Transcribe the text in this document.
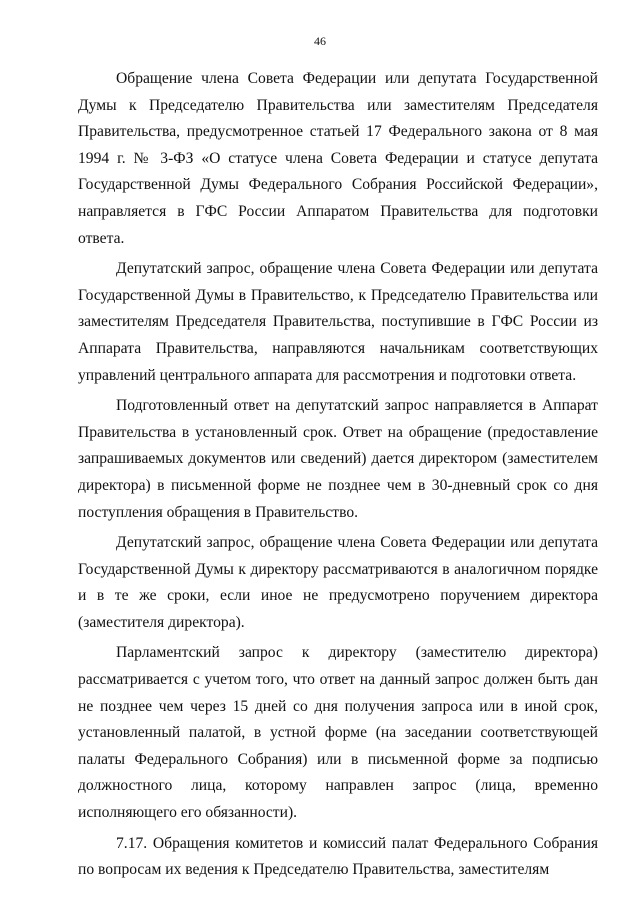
46

Обращение члена Совета Федерации или депутата Государственной Думы к Председателю Правительства или заместителям Председателя Правительства, предусмотренное статьей 17 Федерального закона от 8 мая 1994 г. № 3-ФЗ «О статусе члена Совета Федерации и статусе депутата Государственной Думы Федерального Собрания Российской Федерации», направляется в ГФС России Аппаратом Правительства для подготовки ответа.

Депутатский запрос, обращение члена Совета Федерации или депутата Государственной Думы в Правительство, к Председателю Правительства или заместителям Председателя Правительства, поступившие в ГФС России из Аппарата Правительства, направляются начальникам соответствующих управлений центрального аппарата для рассмотрения и подготовки ответа.

Подготовленный ответ на депутатский запрос направляется в Аппарат Правительства в установленный срок. Ответ на обращение (предоставление запрашиваемых документов или сведений) дается директором (заместителем директора) в письменной форме не позднее чем в 30-дневный срок со дня поступления обращения в Правительство.

Депутатский запрос, обращение члена Совета Федерации или депутата Государственной Думы к директору рассматриваются в аналогичном порядке и в те же сроки, если иное не предусмотрено поручением директора (заместителя директора).

Парламентский запрос к директору (заместителю директора) рассматривается с учетом того, что ответ на данный запрос должен быть дан не позднее чем через 15 дней со дня получения запроса или в иной срок, установленный палатой, в устной форме (на заседании соответствующей палаты Федерального Собрания) или в письменной форме за подписью должностного лица, которому направлен запрос (лица, временно исполняющего его обязанности).

7.17. Обращения комитетов и комиссий палат Федерального Собрания по вопросам их ведения к Председателю Правительства, заместителям
